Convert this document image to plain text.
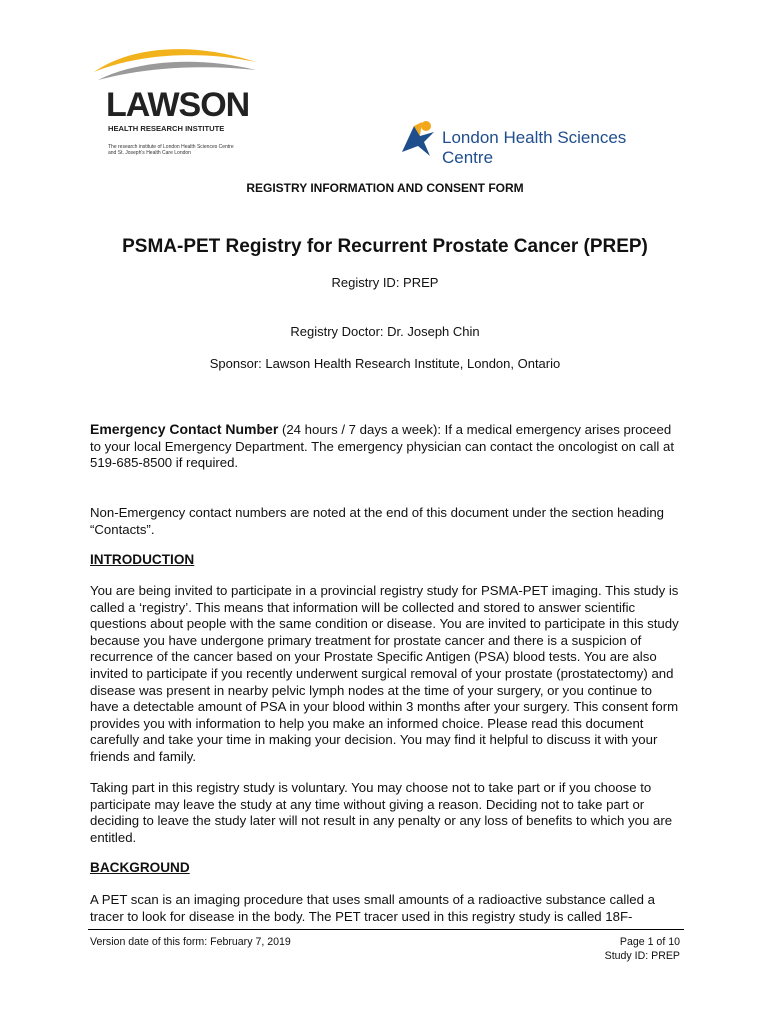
LAWSON
HEALTH RESEARCH INSTITUTE
The research institute of London Health Sciences Centre
and St. Joseph's Health Care London
London Health Sciences Centre
REGISTRY INFORMATION AND CONSENT FORM
PSMA-PET Registry for Recurrent Prostate Cancer (PREP)
Registry ID: PREP
Registry Doctor: Dr. Joseph Chin
Sponsor: Lawson Health Research Institute, London, Ontario
Emergency Contact Number (24 hours / 7 days a week): If a medical emergency arises proceed to your local Emergency Department. The emergency physician can contact the oncologist on call at 519-685-8500 if required.
Non-Emergency contact numbers are noted at the end of this document under the section heading “Contacts”.
INTRODUCTION
You are being invited to participate in a provincial registry study for PSMA-PET imaging. This study is called a ‘registry’. This means that information will be collected and stored to answer scientific questions about people with the same condition or disease. You are invited to participate in this study because you have undergone primary treatment for prostate cancer and there is a suspicion of recurrence of the cancer based on your Prostate Specific Antigen (PSA) blood tests. You are also invited to participate if you recently underwent surgical removal of your prostate (prostatectomy) and disease was present in nearby pelvic lymph nodes at the time of your surgery, or you continue to have a detectable amount of PSA in your blood within 3 months after your surgery. This consent form provides you with information to help you make an informed choice. Please read this document carefully and take your time in making your decision. You may find it helpful to discuss it with your friends and family.
Taking part in this registry study is voluntary. You may choose not to take part or if you choose to participate may leave the study at any time without giving a reason. Deciding not to take part or deciding to leave the study later will not result in any penalty or any loss of benefits to which you are entitled.
BACKGROUND
A PET scan is an imaging procedure that uses small amounts of a radioactive substance called a tracer to look for disease in the body. The PET tracer used in this registry study is called 18F-
Version date of this form: February 7, 2019	Page 1 of 10
Study ID: PREP
